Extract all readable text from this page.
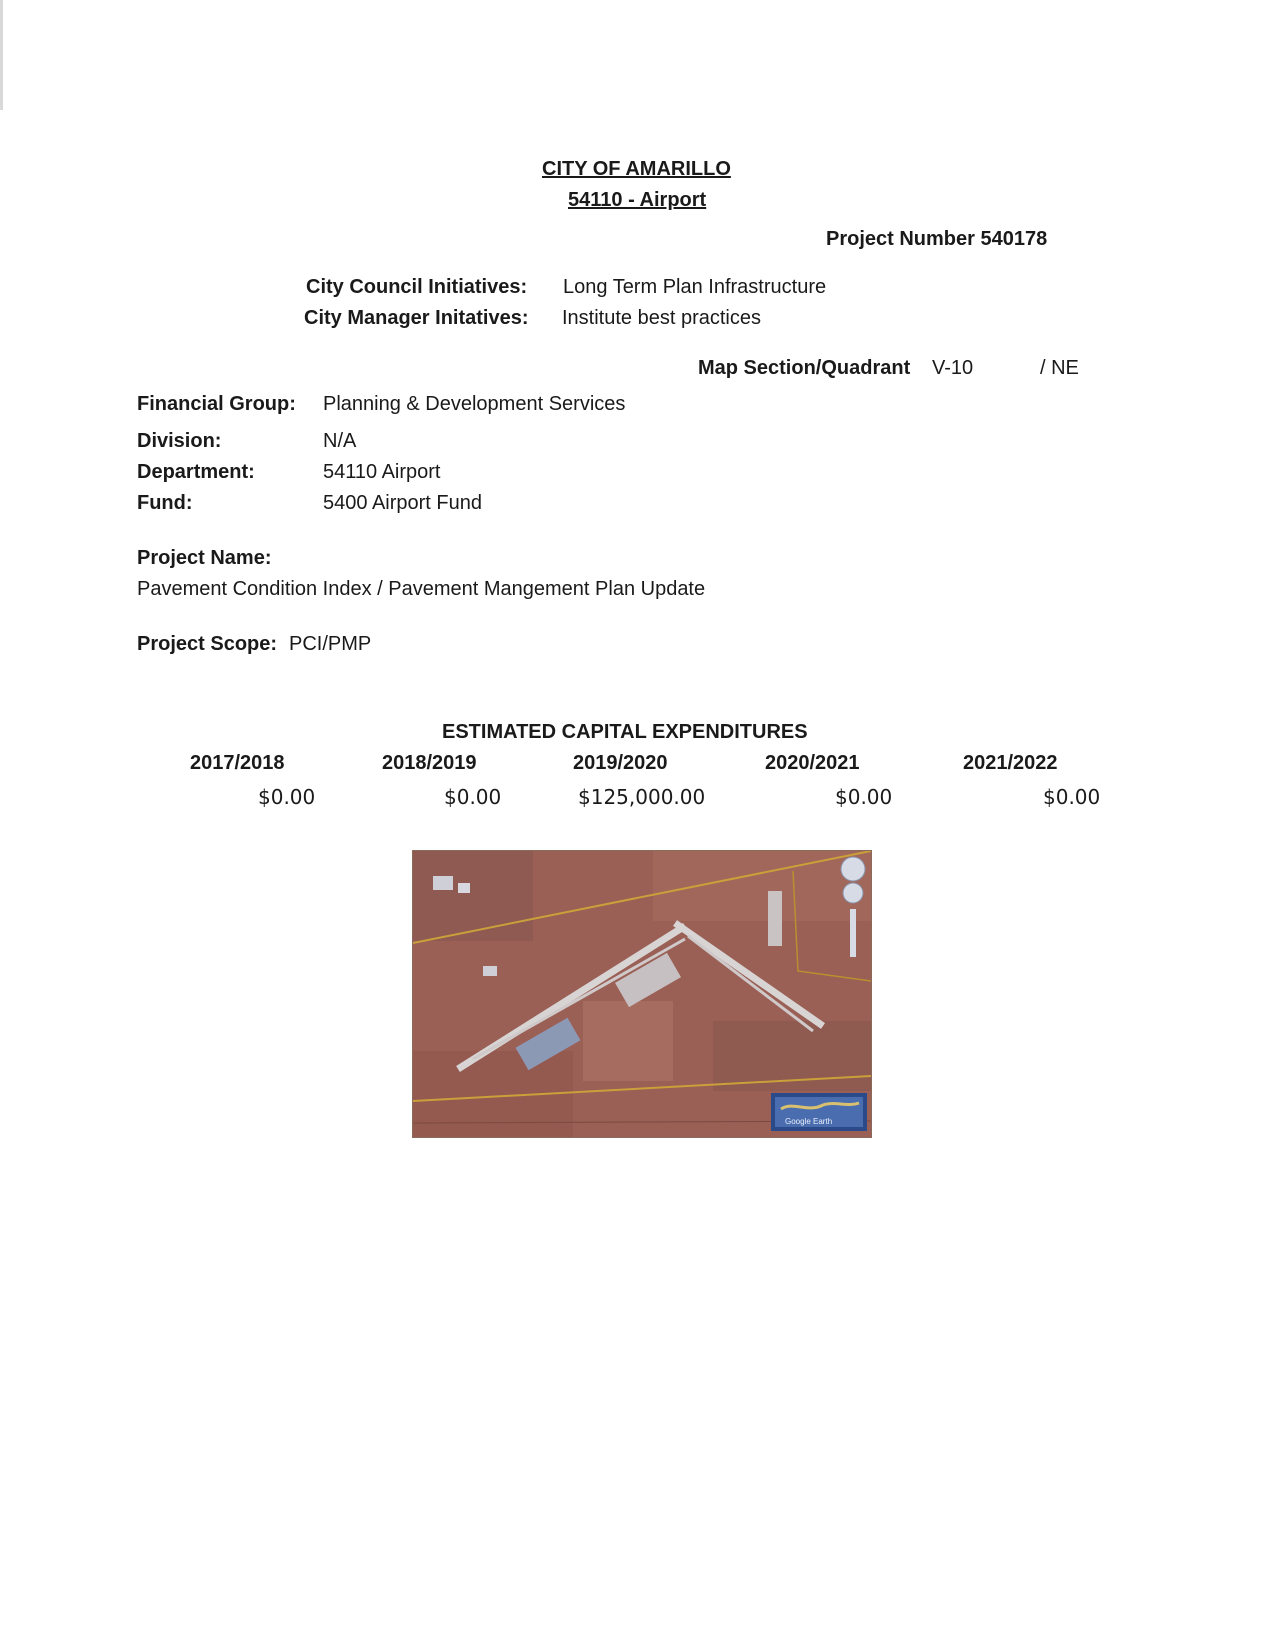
CITY OF AMARILLO
54110 - Airport
Project Number 540178
City Council Initiatives: Long Term Plan Infrastructure
City Manager Initatives: Institute best practices
Map Section/Quadrant V-10	/ NE
Financial Group: Planning & Development Services
Division:	N/A
Department:	54110 Airport
Fund:	5400 Airport Fund
Project Name:
Pavement Condition Index / Pavement Mangement Plan Update
Project Scope: PCI/PMP
ESTIMATED CAPITAL EXPENDITURES
2017/2018	2018/2019	2019/2020	2020/2021	2021/2022
$0.00	$0.00	$125,000.00	$0.00	$0.00
Google Earth
